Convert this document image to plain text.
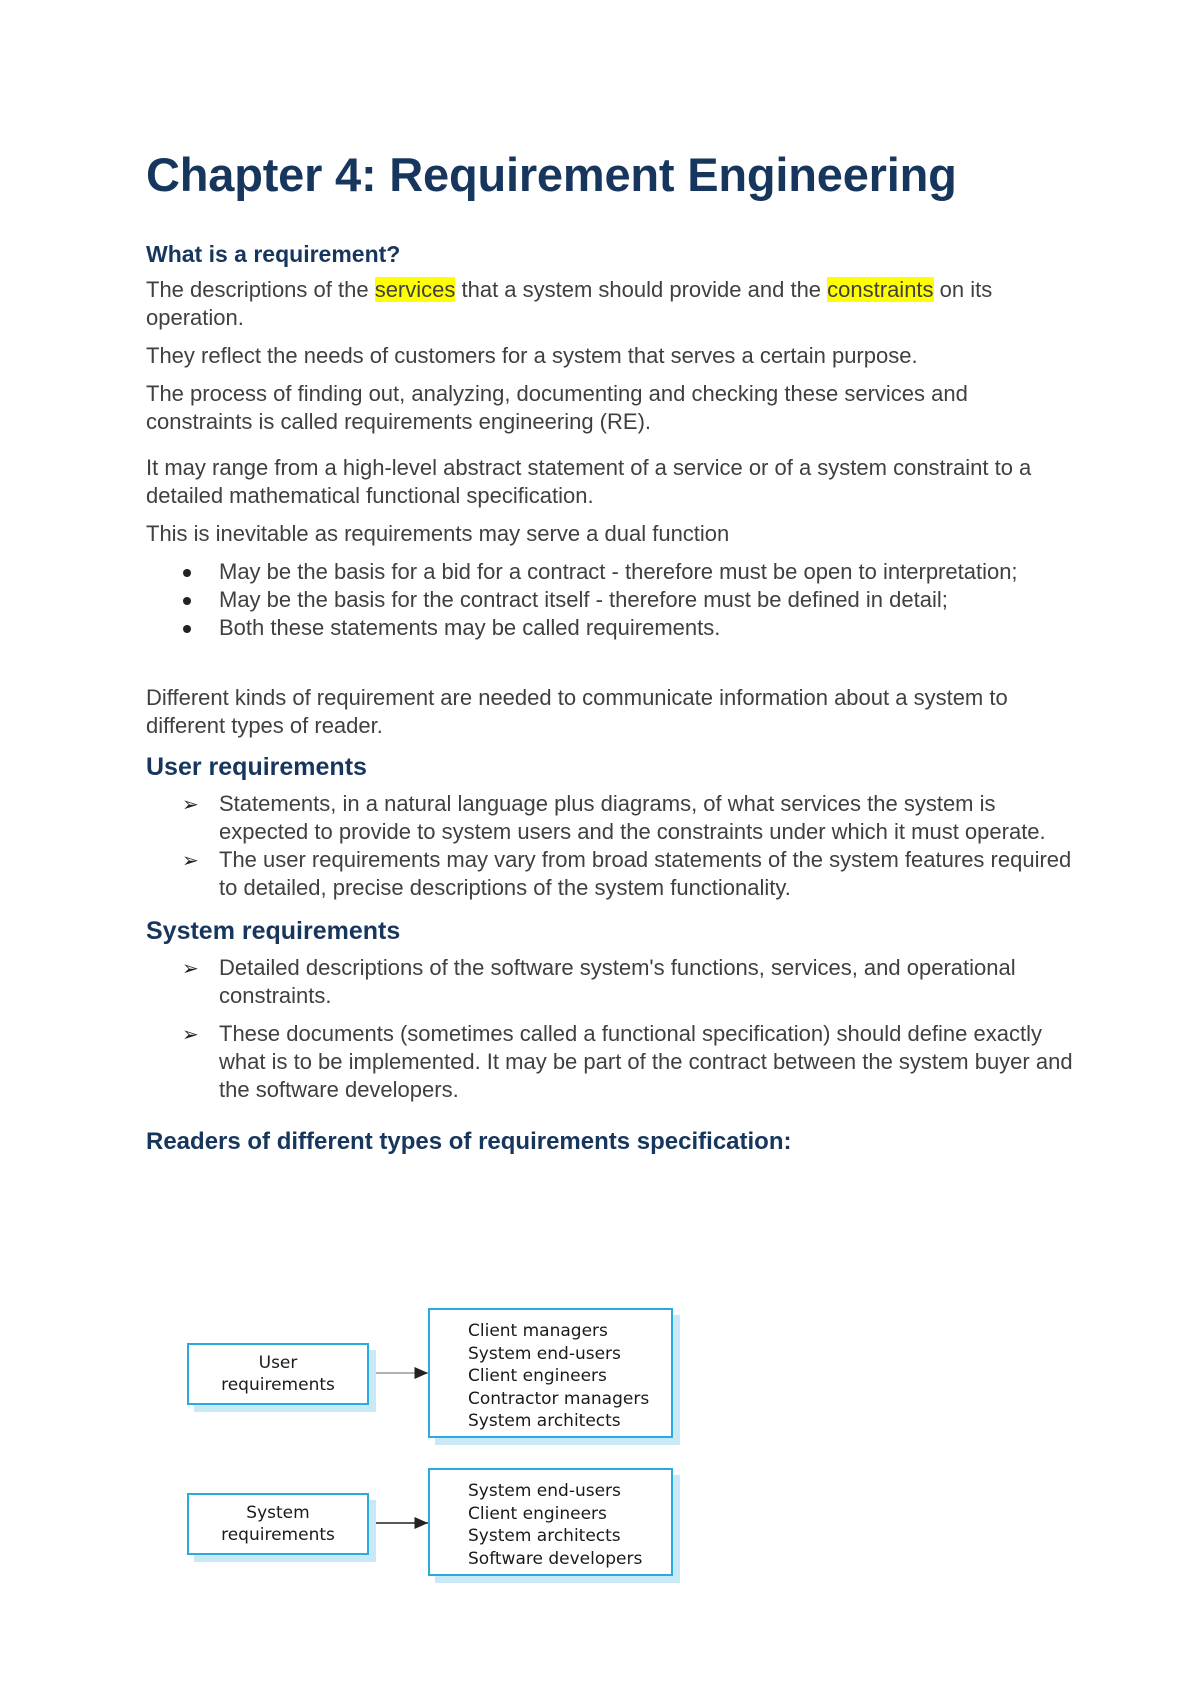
Chapter 4: Requirement Engineering
What is a requirement?

The descriptions of the services that a system should provide and the constraints on its operation.

They reflect the needs of customers for a system that serves a certain purpose.

The process of finding out, analyzing, documenting and checking these services and constraints is called requirements engineering (RE).

It may range from a high-level abstract statement of a service or of a system constraint to a detailed mathematical functional specification.

This is inevitable as requirements may serve a dual function

May be the basis for a bid for a contract - therefore must be open to interpretation;
May be the basis for the contract itself - therefore must be defined in detail;
Both these statements may be called requirements.

Different kinds of requirement are needed to communicate information about a system to different types of reader.

User requirements
➢ Statements, in a natural language plus diagrams, of what services the system is expected to provide to system users and the constraints under which it must operate.
➢ The user requirements may vary from broad statements of the system features required to detailed, precise descriptions of the system functionality.
System requirements
➢ Detailed descriptions of the software system's functions, services, and operational constraints.
➢ These documents (sometimes called a functional specification) should define exactly what is to be implemented. It may be part of the contract between the system buyer and the software developers.
Readers of different types of requirements specification:
User
requirements
Client managers
System end-users
Client engineers
Contractor managers
System architects
System
requirements
System end-users
Client engineers
System architects
Software developers
